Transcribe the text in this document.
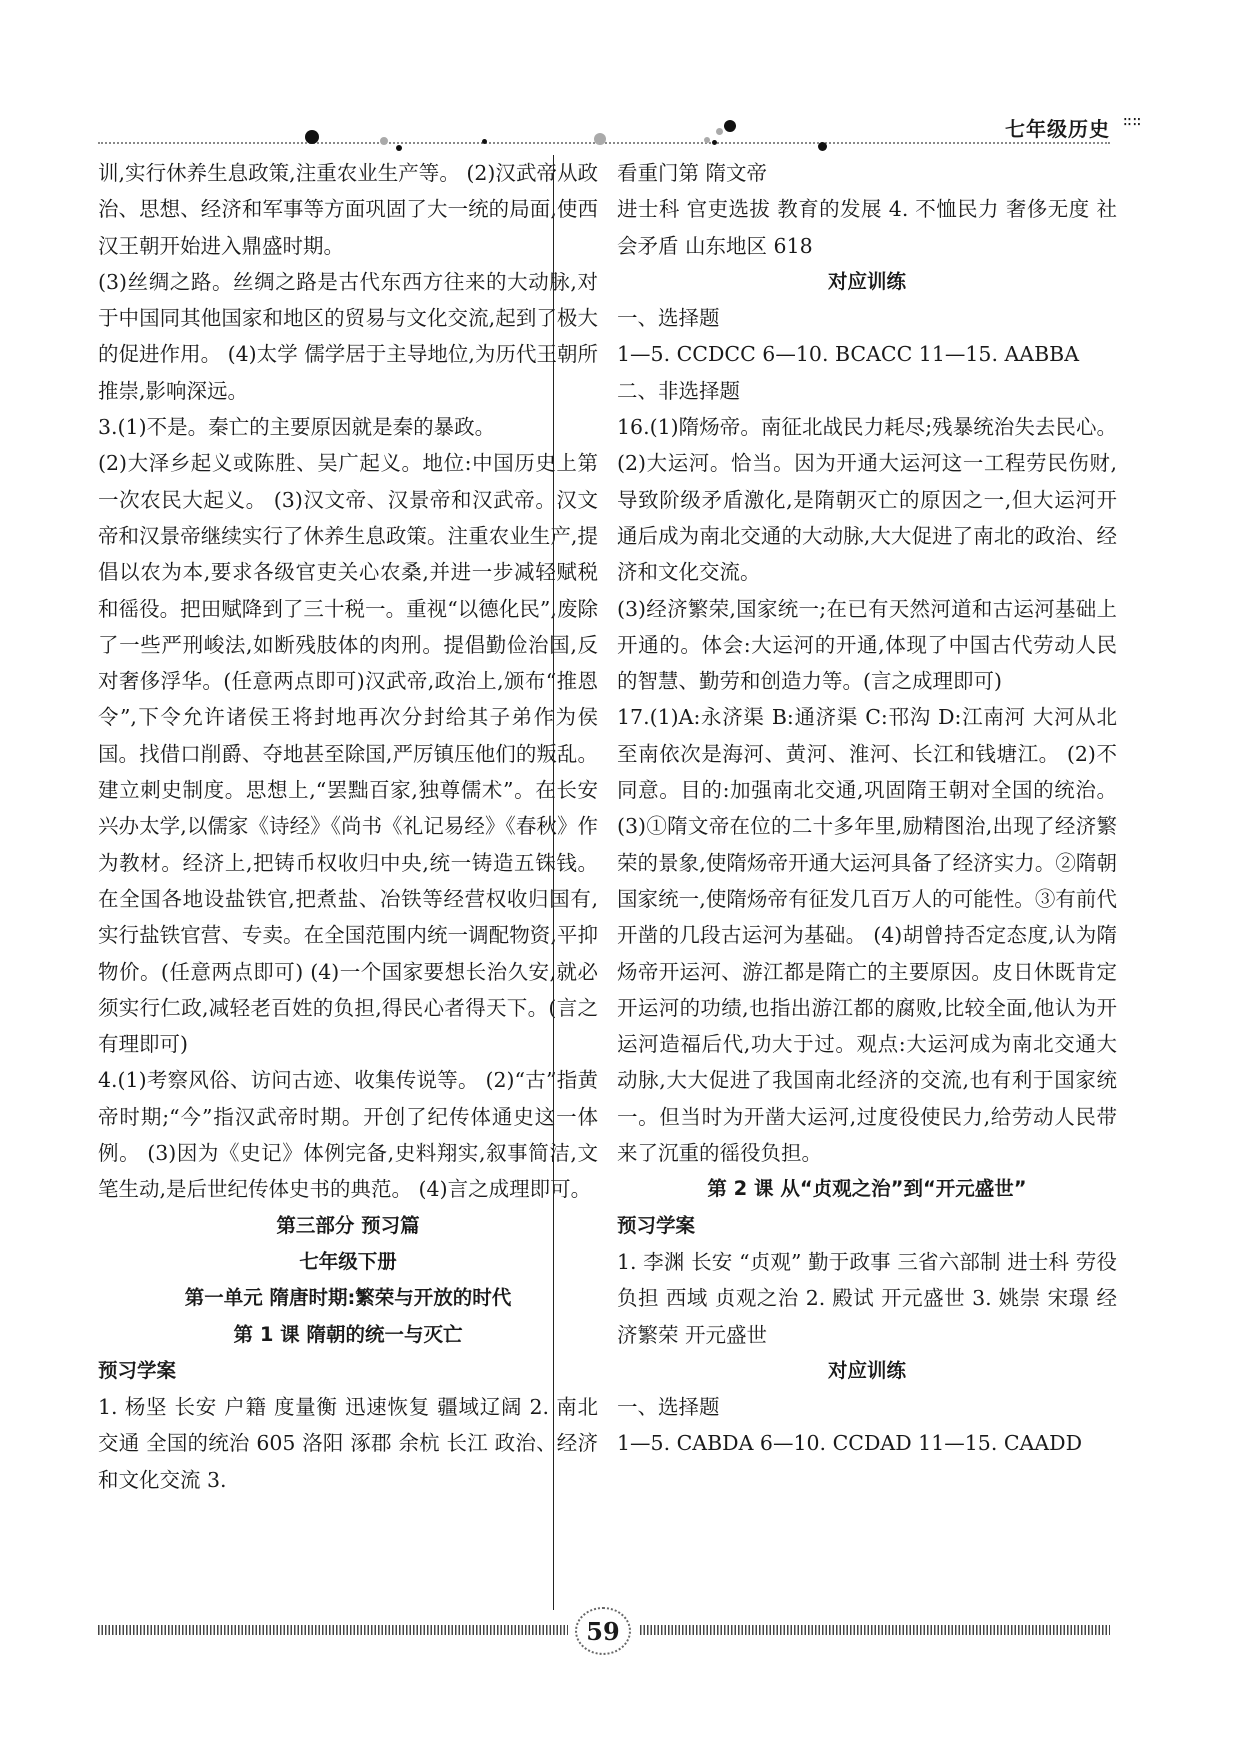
七年级历史 ∷∷

训,实行休养生息政策,注重农业生产等。 (2)汉武帝从政治、思想、经济和军事等方面巩固了大一统的局面,使西汉王朝开始进入鼎盛时期。

(3)丝绸之路。丝绸之路是古代东西方往来的大动脉,对于中国同其他国家和地区的贸易与文化交流,起到了极大的促进作用。 (4)太学 儒学居于主导地位,为历代王朝所推崇,影响深远。

3.(1)不是。秦亡的主要原因就是秦的暴政。

(2)大泽乡起义或陈胜、吴广起义。地位:中国历史上第一次农民大起义。 (3)汉文帝、汉景帝和汉武帝。汉文帝和汉景帝继续实行了休养生息政策。注重农业生产,提倡以农为本,要求各级官吏关心农桑,并进一步减轻赋税和徭役。把田赋降到了三十税一。重视“以德化民”,废除了一些严刑峻法,如断残肢体的肉刑。提倡勤俭治国,反对奢侈浮华。(任意两点即可)汉武帝,政治上,颁布“推恩令”,下令允许诸侯王将封地再次分封给其子弟作为侯国。找借口削爵、夺地甚至除国,严厉镇压他们的叛乱。建立刺史制度。思想上,“罢黜百家,独尊儒术”。在长安兴办太学,以儒家《诗经》《尚书《礼记易经》《春秋》作为教材。经济上,把铸币权收归中央,统一铸造五铢钱。在全国各地设盐铁官,把煮盐、冶铁等经营权收归国有,实行盐铁官营、专卖。在全国范围内统一调配物资,平抑物价。(任意两点即可) (4)一个国家要想长治久安,就必须实行仁政,减轻老百姓的负担,得民心者得天下。(言之有理即可)

4.(1)考察风俗、访问古迹、收集传说等。 (2)“古”指黄帝时期;“今”指汉武帝时期。开创了纪传体通史这一体例。 (3)因为《史记》体例完备,史料翔实,叙事简洁,文笔生动,是后世纪传体史书的典范。 (4)言之成理即可。

第三部分 预习篇

七年级下册

第一单元 隋唐时期:繁荣与开放的时代

第 1 课 隋朝的统一与灭亡

预习学案

1. 杨坚 长安 户籍 度量衡 迅速恢复 疆域辽阔 2. 南北交通 全国的统治 605 洛阳 涿郡 余杭 长江 政治、经济和文化交流 3.

看重门第 隋文帝

进士科 官吏选拔 教育的发展 4. 不恤民力 奢侈无度 社会矛盾 山东地区 618

对应训练

一、选择题

1—5. CCDCC 6—10. BCACC 11—15. AABBA

二、非选择题

16.(1)隋炀帝。南征北战民力耗尽;残暴统治失去民心。 (2)大运河。恰当。因为开通大运河这一工程劳民伤财,导致阶级矛盾激化,是隋朝灭亡的原因之一,但大运河开通后成为南北交通的大动脉,大大促进了南北的政治、经济和文化交流。

(3)经济繁荣,国家统一;在已有天然河道和古运河基础上开通的。体会:大运河的开通,体现了中国古代劳动人民的智慧、勤劳和创造力等。(言之成理即可)

17.(1)A:永济渠 B:通济渠 C:邗沟 D:江南河 大河从北至南依次是海河、黄河、淮河、长江和钱塘江。 (2)不同意。目的:加强南北交通,巩固隋王朝对全国的统治。 (3)①隋文帝在位的二十多年里,励精图治,出现了经济繁荣的景象,使隋炀帝开通大运河具备了经济实力。②隋朝国家统一,使隋炀帝有征发几百万人的可能性。③有前代开凿的几段古运河为基础。 (4)胡曾持否定态度,认为隋炀帝开运河、游江都是隋亡的主要原因。皮日休既肯定开运河的功绩,也指出游江都的腐败,比较全面,他认为开运河造福后代,功大于过。观点:大运河成为南北交通大动脉,大大促进了我国南北经济的交流,也有利于国家统一。但当时为开凿大运河,过度役使民力,给劳动人民带来了沉重的徭役负担。

第 2 课 从“贞观之治”到“开元盛世”

预习学案

1. 李渊 长安 “贞观” 勤于政事 三省六部制 进士科 劳役负担 西域 贞观之治 2. 殿试 开元盛世 3. 姚崇 宋璟 经济繁荣 开元盛世

对应训练

一、选择题

1—5. CABDA 6—10. CCDAD 11—15. CAADD

59
